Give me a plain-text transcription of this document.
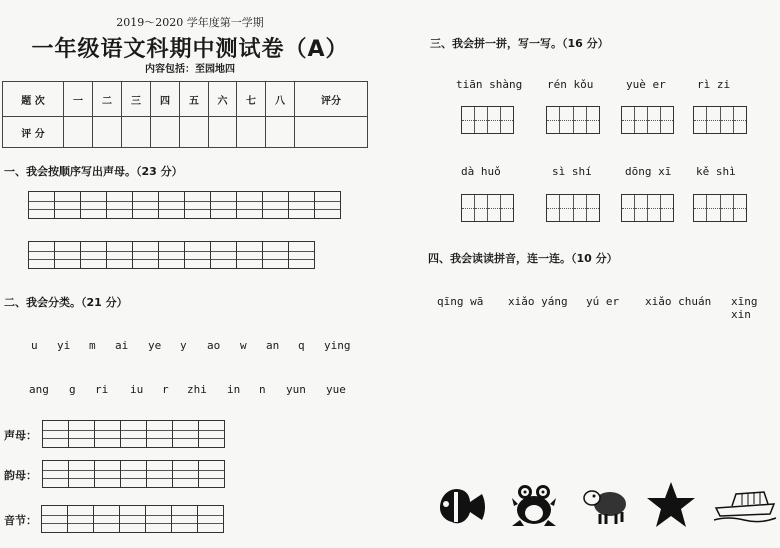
2019～2020 学年度第一学期
一年级语文科期中测试卷（A）
内容包括：至园地四
题 次	一	二	三	四	五	六	七	八	评分
评 分									
一、我会按顺序写出声母。（23 分）
二、我会分类。（21 分）
u yi m ai ye y ao w an q ying
ang g ri iu r zhi in n yun yue
声母：
韵母：
音节：
三、我会拼一拼，写一写。（16 分）
tiān shàng rén kǒu	yuè er	rì zi
dà huǒ	sì shí	dōng xī kě shì
四、我会读读拼音，连一连。（10 分）
qīng wā xiǎo yáng yú er xiǎo chuán xīng xin
